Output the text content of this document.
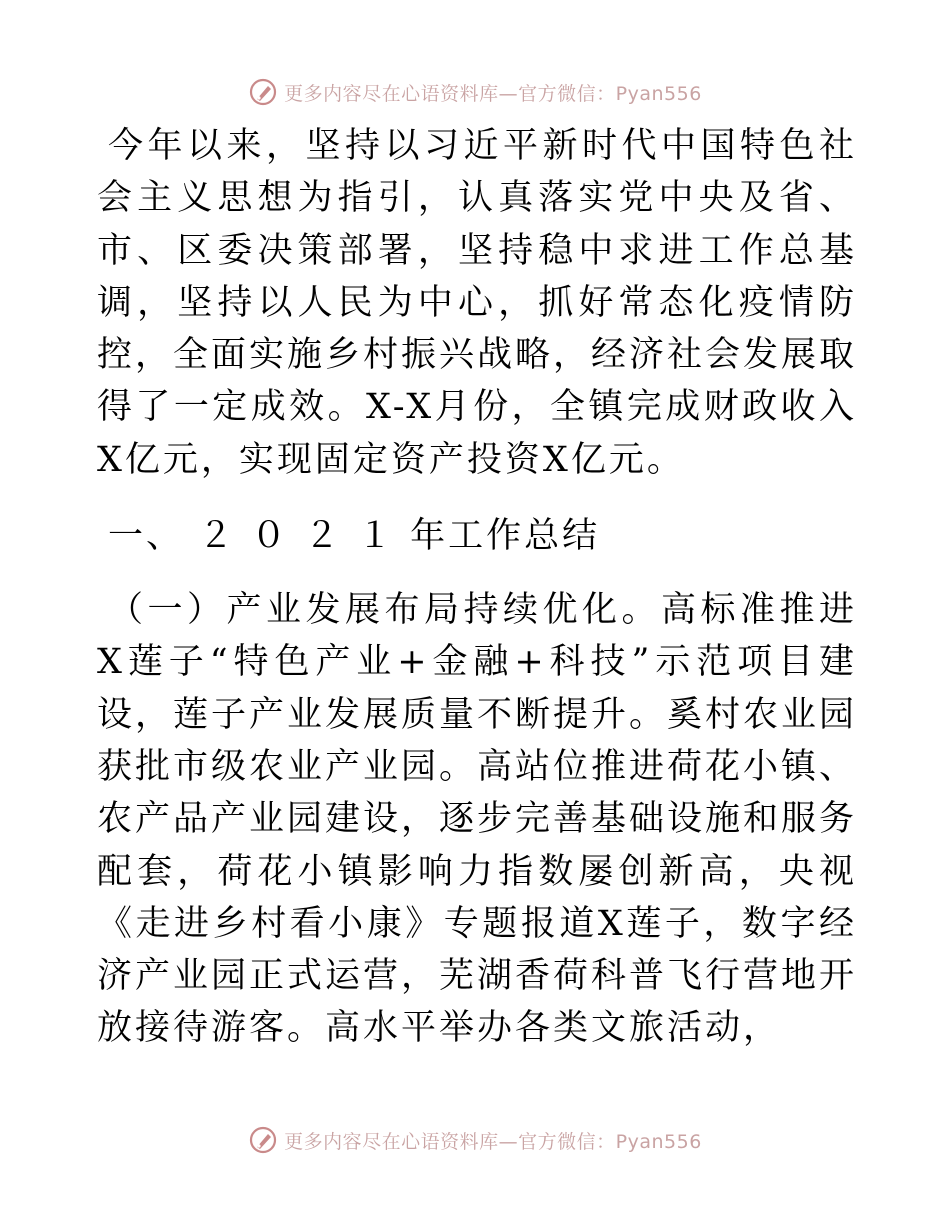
更多内容尽在心语资料库—官方微信：Pyan556

今年以来，坚持以习近平新时代中国特色社会主义思想为指引，认真落实党中央及省、市、区委决策部署，坚持稳中求进工作总基调，坚持以人民为中心，抓好常态化疫情防控，全面实施乡村振兴战略，经济社会发展取得了一定成效。X-X月份，全镇完成财政收入X亿元，实现固定资产投资X亿元。

一、 ２０２１年工作总结

（一）产业发展布局持续优化。高标准推进X莲子“特色产业+金融+科技”示范项目建设，莲子产业发展质量不断提升。奚村农业园获批市级农业产业园。高站位推进荷花小镇、农产品产业园建设，逐步完善基础设施和服务配套，荷花小镇影响力指数屡创新高，央视《走进乡村看小康》专题报道X莲子，数字经济产业园正式运营，芜湖香荷科普飞行营地开放接待游客。高水平举办各类文旅活动，

更多内容尽在心语资料库—官方微信：Pyan556
